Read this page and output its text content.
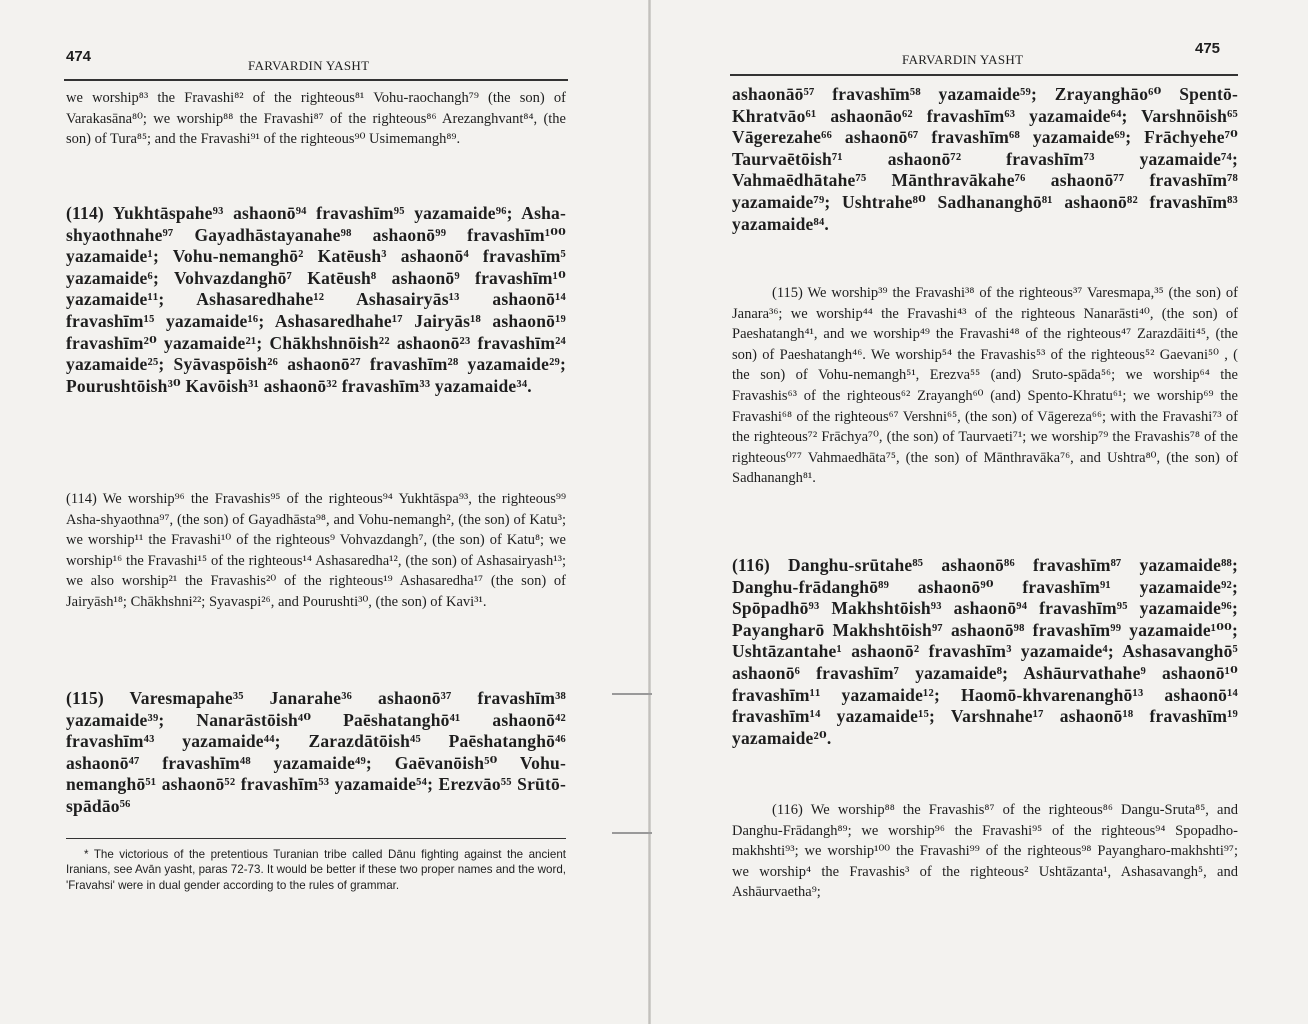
474
FARVARDIN YASHT

we worship⁸³ the Fravashi⁸² of the righteous⁸¹ Vohu-raochangh⁷⁹ (the son) of Varakasāna⁸⁰; we worship⁸⁸ the Fravashi⁸⁷ of the righteous⁸⁶ Arezanghvant⁸⁴, (the son) of Tura⁸⁵; and the Fravashi⁹¹ of the righteous⁹⁰ Usimemangh⁸⁹.

(114) Yukhtāspahe⁹³ ashaonō⁹⁴ fravashīm⁹⁵ yazamaide⁹⁶; Asha-shyaothnahe⁹⁷ Gayadhāstayanahe⁹⁸ ashaonō⁹⁹ fravashīm¹⁰⁰ yazamaide¹; Vohu-nemanghō² Katēush³ ashaonō⁴ fravashīm⁵ yazamaide⁶; Vohvazdanghō⁷ Katēush⁸ ashaonō⁹ fravashīm¹⁰ yazamaide¹¹; Ashasaredhahe¹² Ashasairyās¹³ ashaonō¹⁴ fravashīm¹⁵ yazamaide¹⁶; Ashasaredhahe¹⁷ Jairyās¹⁸ ashaonō¹⁹ fravashīm²⁰ yazamaide²¹; Chākhshnōish²² ashaonō²³ fravashīm²⁴ yazamaide²⁵; Syāvaspōish²⁶ ashaonō²⁷ fravashīm²⁸ yazamaide²⁹; Pourushtōish³⁰ Kavōish³¹ ashaonō³² fravashīm³³ yazamaide³⁴.

(114) We worship⁹⁶ the Fravashis⁹⁵ of the righteous⁹⁴ Yukhtāspa⁹³, the righteous⁹⁹ Asha-shyaothna⁹⁷, (the son) of Gayadhāsta⁹⁸, and Vohu-nemangh², (the son) of Katu³; we worship¹¹ the Fravashi¹⁰ of the righteous⁹ Vohvazdangh⁷, (the son) of Katu⁸; we worship¹⁶ the Fravashi¹⁵ of the righteous¹⁴ Ashasaredha¹², (the son) of Ashasairyash¹³; we also worship²¹ the Fravashis²⁰ of the righteous¹⁹ Ashasaredha¹⁷ (the son) of Jairyāsh¹⁸; Chākhshni²²; Syavaspi²⁶, and Pourushti³⁰, (the son) of Kavi³¹.

(115) Varesmapahe³⁵ Janarahe³⁶ ashaonō³⁷ fravashīm³⁸ yazamaide³⁹; Nanarāstōish⁴⁰ Paēshatanghō⁴¹ ashaonō⁴² fravashīm⁴³ yazamaide⁴⁴; Zarazdātōish⁴⁵ Paēshatanghō⁴⁶ ashaonō⁴⁷ fravashīm⁴⁸ yazamaide⁴⁹; Gaēvanōish⁵⁰ Vohu-nemanghō⁵¹ ashaonō⁵² fravashīm⁵³ yazamaide⁵⁴; Erezvāo⁵⁵ Srūtō-spādāo⁵⁶

* The victorious of the pretentious Turanian tribe called Dānu fighting against the ancient Iranians, see Avān yasht, paras 72-73. It would be better if these two proper names and the word, 'Fravahsi' were in dual gender according to the rules of grammar.

FARVARDIN YASHT
475

ashaonāō⁵⁷ fravashīm⁵⁸ yazamaide⁵⁹; Zrayanghāo⁶⁰ Spentō-Khratvāo⁶¹ ashaonāo⁶² fravashīm⁶³ yazamaide⁶⁴; Varshnōish⁶⁵ Vāgerezahe⁶⁶ ashaonō⁶⁷ fravashīm⁶⁸ yazamaide⁶⁹; Frāchyehe⁷⁰ Taurvaētōish⁷¹ ashaonō⁷² fravashīm⁷³ yazamaide⁷⁴; Vahmaēdhātahe⁷⁵ Mānthravākahe⁷⁶ ashaonō⁷⁷ fravashīm⁷⁸ yazamaide⁷⁹; Ushtrahe⁸⁰ Sadhananghō⁸¹ ashaonō⁸² fravashīm⁸³ yazamaide⁸⁴.

(115) We worship³⁹ the Fravashi³⁸ of the righteous³⁷ Varesmapa,³⁵ (the son) of Janara³⁶; we worship⁴⁴ the Fravashi⁴³ of the righteous Nanarāsti⁴⁰, (the son) of Paeshatangh⁴¹, and we worship⁴⁹ the Fravashi⁴⁸ of the righteous⁴⁷ Zarazdāiti⁴⁵, (the son) of Paeshatangh⁴⁶. We worship⁵⁴ the Fravashis⁵³ of the righteous⁵² Gaevani⁵⁰ , ( the son) of Vohu-nemangh⁵¹, Erezva⁵⁵ (and) Sruto-spāda⁵⁶; we worship⁶⁴ the Fravashis⁶³ of the righteous⁶² Zrayangh⁶⁰ (and) Spento-Khratu⁶¹; we worship⁶⁹ the Fravashi⁶⁸ of the righteous⁶⁷ Vershni⁶⁵, (the son) of Vāgereza⁶⁶; with the Fravashi⁷³ of the righteous⁷² Frāchya⁷⁰, (the son) of Taurvaeti⁷¹; we worship⁷⁹ the Fravashis⁷⁸ of the righteous⁰⁷⁷ Vahmaedhāta⁷⁵, (the son) of Mānthravāka⁷⁶, and Ushtra⁸⁰, (the son) of Sadhanangh⁸¹.

(116) Danghu-srūtahe⁸⁵ ashaonō⁸⁶ fravashīm⁸⁷ yazamaide⁸⁸; Danghu-frādanghō⁸⁹ ashaonō⁹⁰ fravashīm⁹¹ yazamaide⁹²; Spōpadhō⁹³ Makhshtōish⁹³ ashaonō⁹⁴ fravashīm⁹⁵ yazamaide⁹⁶; Payangharō Makhshtōish⁹⁷ ashaonō⁹⁸ fravashīm⁹⁹ yazamaide¹⁰⁰; Ushtāzantahe¹ ashaonō² fravashīm³ yazamaide⁴; Ashasavanghō⁵ ashaonō⁶ fravashīm⁷ yazamaide⁸; Ashāurvathahe⁹ ashaonō¹⁰ fravashīm¹¹ yazamaide¹²; Haomō-khvarenanghō¹³ ashaonō¹⁴ fravashīm¹⁴ yazamaide¹⁵; Varshnahe¹⁷ ashaonō¹⁸ fravashīm¹⁹ yazamaide²⁰.

(116) We worship⁸⁸ the Fravashis⁸⁷ of the righteous⁸⁶ Dangu-Sruta⁸⁵, and Danghu-Frādangh⁸⁹; we worship⁹⁶ the Fravashi⁹⁵ of the righteous⁹⁴ Spopadho-makhshti⁹³; we worship¹⁰⁰ the Fravashi⁹⁹ of the righteous⁹⁸ Payangharo-makhshti⁹⁷; we worship⁴ the Fravashis³ of the righteous² Ushtāzanta¹, Ashasavangh⁵, and Ashāurvaetha⁹;
